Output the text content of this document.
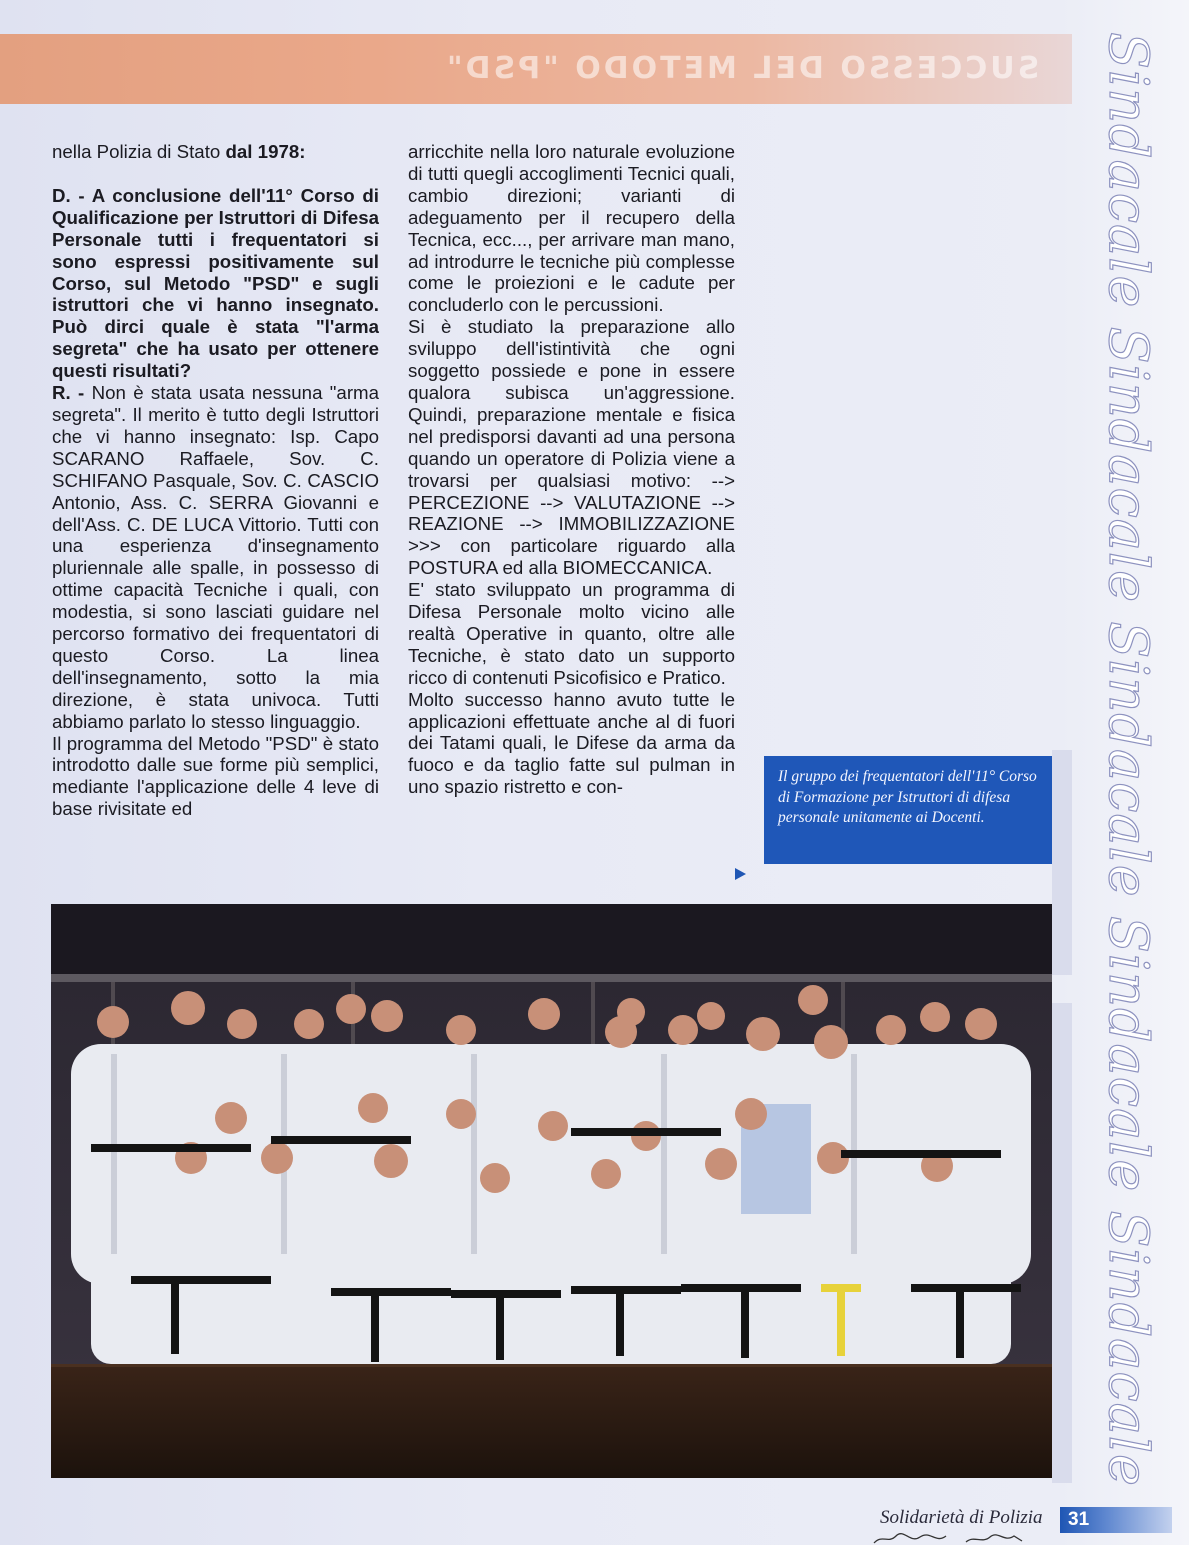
SUCCESSO DEL METODO "PSD"

nella Polizia di Stato dal 1978:

D. - A conclusione dell'11° Corso di Qualificazione per Istruttori di Difesa Personale tutti i frequentatori si sono espressi positivamente sul Corso, sul Metodo "PSD" e sugli istruttori che vi hanno insegnato. Può dirci quale è stata "l'arma segreta" che ha usato per ottenere questi risultati?

R. - Non è stata usata nessuna "arma segreta". Il merito è tutto degli Istruttori che vi hanno insegnato: Isp. Capo SCARANO Raffaele, Sov. C. SCHIFANO Pasquale, Sov. C. CASCIO Antonio, Ass. C. SERRA Giovanni e dell'Ass. C. DE LUCA Vittorio. Tutti con una esperienza d'insegnamento pluriennale alle spalle, in possesso di ottime capacità Tecniche i quali, con modestia, si sono lasciati guidare nel percorso formativo dei frequentatori di questo Corso. La linea dell'insegnamento, sotto la mia direzione, è stata univoca. Tutti abbiamo parlato lo stesso linguaggio.

Il programma del Metodo "PSD" è stato introdotto dalle sue forme più semplici, mediante l'applicazione delle 4 leve di base rivisitate ed

arricchite nella loro naturale evoluzione di tutti quegli accoglimenti Tecnici quali, cambio direzioni; varianti di adeguamento per il recupero della Tecnica, ecc..., per arrivare man mano, ad introdurre le tecniche più complesse come le proiezioni e le cadute per concluderlo con le percussioni.

Si è studiato la preparazione allo sviluppo dell'istintività che ogni soggetto possiede e pone in essere qualora subisca un'aggressione. Quindi, preparazione mentale e fisica nel predisporsi davanti ad una persona quando un operatore di Polizia viene a trovarsi per qualsiasi motivo: --> PERCEZIONE --> VALUTAZIONE --> REAZIONE --> IMMOBILIZZAZIONE >>> con particolare riguardo alla POSTURA ed alla BIOMECCANICA.

E' stato sviluppato un programma di Difesa Personale molto vicino alle realtà Operative in quanto, oltre alle Tecniche, è stato dato un supporto ricco di contenuti Psicofisico e Pratico.

Molto successo hanno avuto tutte le applicazioni effettuate anche al di fuori dei Tatami quali, le Difese da arma da fuoco e da taglio fatte sul pulman in uno spazio ristretto e con-	Il gruppo dei frequentatori dell'11° Corso di Formazione per Istruttori di difesa personale unitamente ai Docenti.	Sindacale Sindacale Sindacale Sindacale Sindacale
Solidarietà di Polizia	31
